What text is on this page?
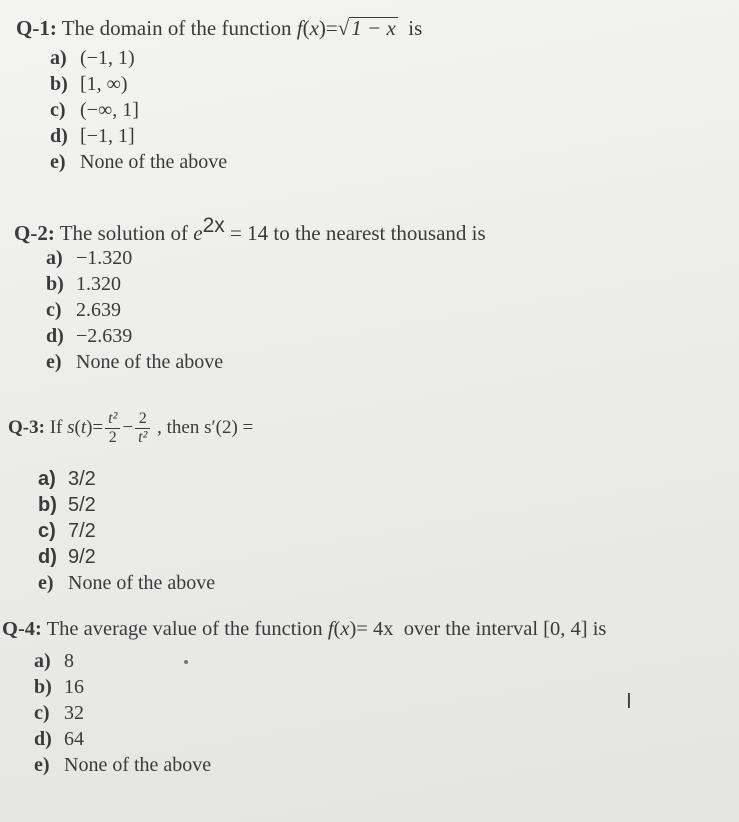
Q-1: The domain of the function f(x)=√1 − x is
a) (−1, 1)
b) [1, ∞)
c) (−∞, 1]
d) [−1, 1]
e) None of the above
Q-2: The solution of $e^{2x} = 14$ to the nearest thousand is
a) −1.320
b) 1.320
c) 2.639
d) −2.639
e) None of the above
Q-3: If $s(t)= \frac{\text{t²}}{2} - \frac{2}{\text{t²}}$ , then s′(2) =
a) 3/2
b) 5/2
c) 7/2
d) 9/2
e) None of the above
Q-4: The average value of the function f(x)= 4x over the interval [0, 4] is
a) 8
b) 16
c) 32
d) 64
e) None of the above
I
